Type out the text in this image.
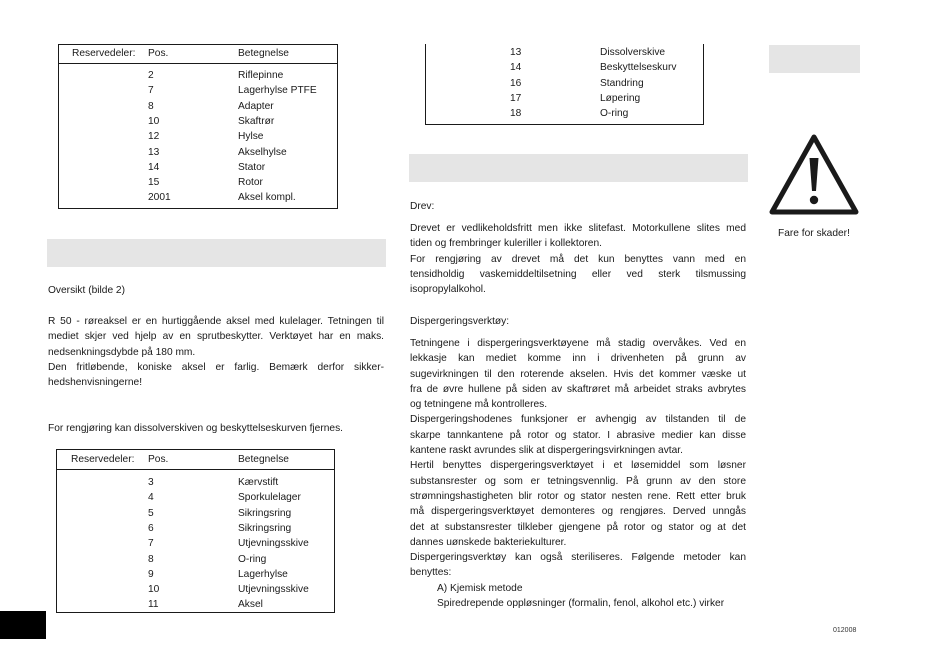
Reservedeler: Pos.	Betegnelse
2	Riflepinne
7	Lagerhylse PTFE
8	Adapter
10	Skaftrør
12	Hylse
13	Akselhylse
14	Stator
15	Rotor
2001	Aksel kompl.
Oversikt (bilde 2)

R 50 - røreaksel er en hurtiggående aksel med kulelager. Tetningen til

mediet skjer ved hjelp av en sprutbeskytter. Verktøyet har en maks.

nedsenkningsdybde på 180 mm.

Den fritløbende, koniske aksel er farlig. Bemærk derfor sikker-

hedshenvisningerne!

For rengjøring kan dissolverskiven og beskyttelseskurven fjernes.
Reservedeler: Pos.	Betegnelse
3	Kærvstift
4	Sporkulelager
5	Sikringsring
6	Sikringsring
7	Utjevningsskive
8	O-ring
9	Lagerhylse
10	Utjevningsskive
11	Aksel
13	Dissolverskive
14	Beskyttelseskurv
16	Standring
17	Løpering
18	O-ring
Drev:

Drevet er vedlikeholdsfritt men ikke slitefast. Motorkullene slites med

tiden og frembringer kuleriller i kollektoren.

For rengjøring av drevet må det kun benyttes vann med en

tensidholdig vaskemiddeltilsetning eller ved sterk tilsmussing

isopropylalkohol.

Dispergeringsverktøy:

Tetningene i dispergeringsverktøyene må stadig overvåkes. Ved en

lekkasje kan mediet komme inn i drivenheten på grunn av

sugevirkningen til den roterende akselen. Hvis det kommer væske ut

fra de øvre hullene på siden av skaftrøret må arbeidet straks avbrytes

og tetningene må kontrolleres.

Dispergeringshodenes funksjoner er avhengig av tilstanden til de

skarpe tannkantene på rotor og stator. I abrasive medier kan disse

kantene raskt avrundes slik at dispergeringsvirkningen avtar.

Hertil benyttes dispergeringsverktøyet i et løsemiddel som løsner

substansrester og som er tetningsvennlig. På grunn av den store

strømningshastigheten blir rotor og stator nesten rene. Rett etter bruk

må dispergeringsverktøyet demonteres og rengjøres. Derved unngås

det at substansrester tilkleber gjengene på rotor og stator og at det

dannes uønskede bakteriekulturer.

Dispergeringsverktøy kan også steriliseres. Følgende metoder kan

benyttes:

A) Kjemisk metode

Spiredrepende oppløsninger (formalin, fenol, alkohol etc.) virker

Fare for skader!
012008
